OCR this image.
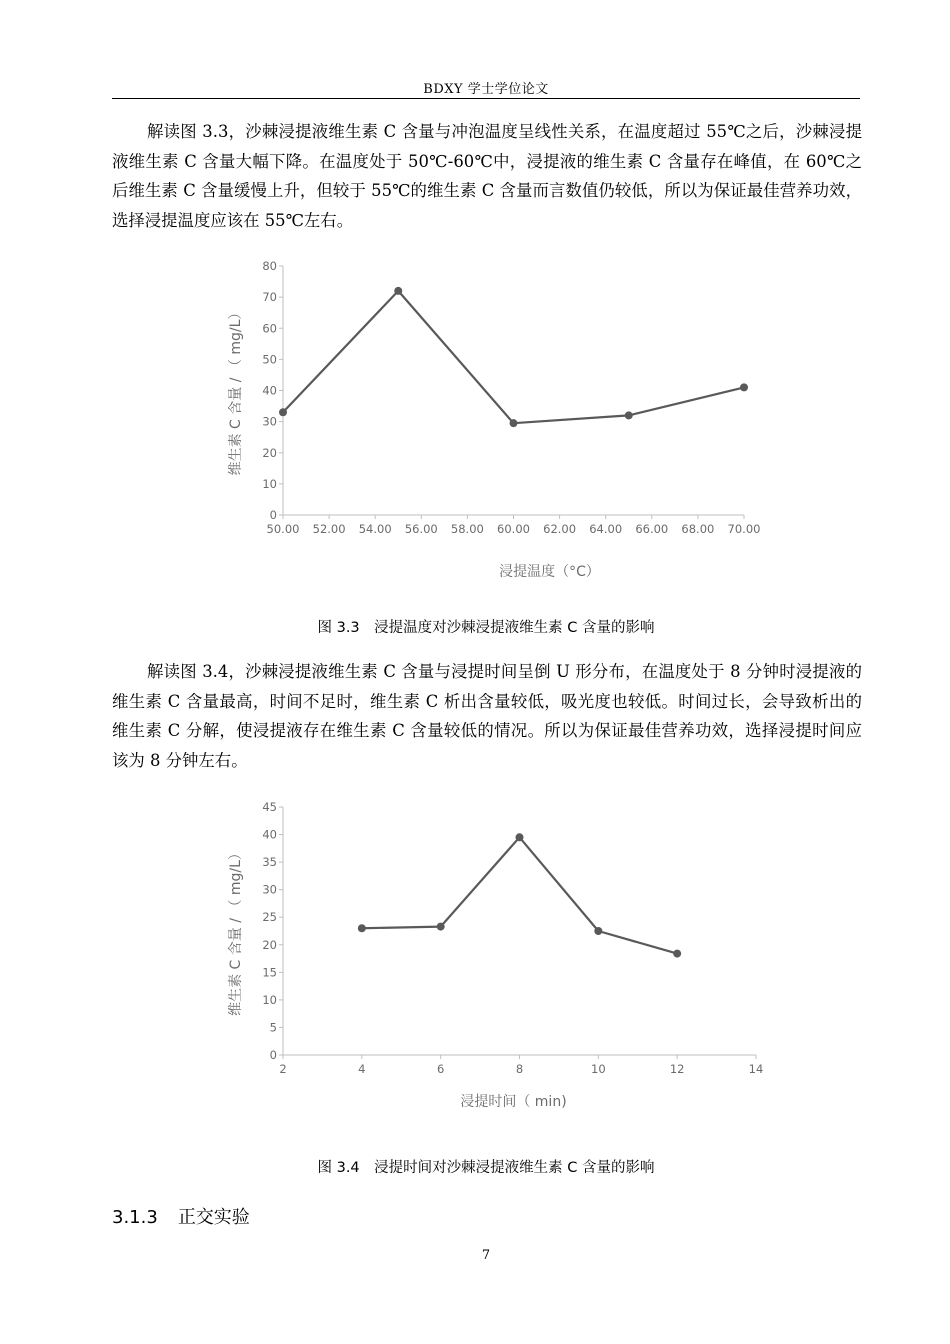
BDXY 学士学位论文

解读图 3.3，沙棘浸提液维生素 C 含量与冲泡温度呈线性关系，在温度超过 55℃之后，沙棘浸提液维生素 C 含量大幅下降。在温度处于 50℃-60℃中，浸提液的维生素 C 含量存在峰值，在 60℃之后维生素 C 含量缓慢上升，但较于 55℃的维生素 C 含量而言数值仍较低，所以为保证最佳营养功效，选择浸提温度应该在 55℃左右。

0
10
20
30
40
50
60
70
80
50.00 52.00 54.00 56.00 58.00 60.00 62.00 64.00 66.00 68.00 70.00
浸提温度（°C）
维生素 C 含量 / （ mg/L）
图 3.3　浸提温度对沙棘浸提液维生素 C 含量的影响

解读图 3.4，沙棘浸提液维生素 C 含量与浸提时间呈倒 U 形分布，在温度处于 8 分钟时浸提液的维生素 C 含量最高，时间不足时，维生素 C 析出含量较低，吸光度也较低。时间过长，会导致析出的维生素 C 分解，使浸提液存在维生素 C 含量较低的情况。所以为保证最佳营养功效，选择浸提时间应该为 8 分钟左右。

0
5
10
15
20
25
30
35
40
45
2	4	6	8	10	12	14
浸提时间（ min)
维生素 C 含量 / （ mg/L）
图 3.4　浸提时间对沙棘浸提液维生素 C 含量的影响
3.1.3 正交实验
7
